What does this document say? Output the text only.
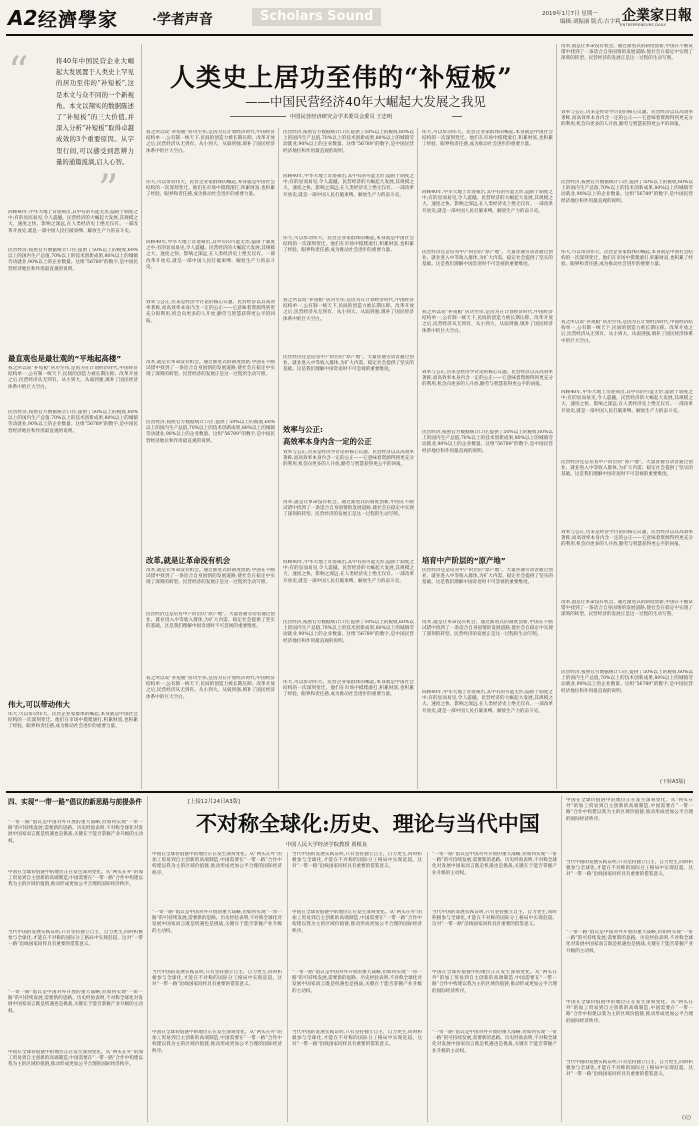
A2 经濟學家 ·学者声音	Scholars Sound	2019年1月7日 星期一
编辑:刘振丽 版式:吉宇莉 企業家日報
ENTREPRENEURS DAILY
“	将40年中国民营企业大崛起大发展置于人类史上罕见的居功至伟的“补短板”,这是本文与众不同的一个新视角。本文以翔实的数据陈述了“补短板”的三大价值,并深入分析“补短板”取得卓越成效的3个重要原因。从字里行间,可以感受到思辨力量的通篇流淌,启人心智。
”
人类史上居功至伟的“补短板”
——中国民营经济40年大崛起大发展之我见
中国民营经济研究会学术委员会委员 王忠明
回顾40年,中华大地上奇迹频出,其中有的可能无形,隐匿于制度之中;有的显而易见,令人震撼。民营经济的大崛起大发展,其规模之大、速度之快、影响之深远,在人类经济史上绝无仅有。一部改革开放史,就是一部中国人民打破束缚、解放生产力的奋斗史。
民营经济,按照官方数据统计口径,提供了50%以上的税收,60%以上的国内生产总值,70%以上的技术创新成果,80%以上的城镇劳动就业,90%以上的企业数量。这组“56789”的数字,是中国民营经济地位和作用最直观的说明。
最直观也是最壮观的“平地起高楼”
我之所以说“补短板”居功至伟,是因为在计划经济时代,中国经济结构单一,公有制一统天下,民间的创造力被长期压抑。改革开放之后,民营经济从无到有、从小到大、从弱到强,填补了国民经济体系中的巨大空白。
民营经济,按照官方数据统计口径,提供了50%以上的税收,60%以上的国内生产总值,70%以上的技术创新成果,80%以上的城镇劳动就业,90%以上的企业数量。这组“56789”的数字,是中国民营经济地位和作用最直观的说明。
伟大,可以带动伟大
伟大,可以带动伟大。民营企业家群体的崛起,本身就是中国社会结构的一次深刻变迁。他们在市场中摸爬滚打,积累财富,也积累了经验、眼界和责任感,成为推动社会进步的重要力量。
我之所以说“补短板”居功至伟,是因为在计划经济时代,中国经济结构单一,公有制一统天下,民间的创造力被长期压抑。改革开放之后,民营经济从无到有、从小到大、从弱到强,填补了国民经济体系中的巨大空白。
伟大,可以带动伟大。民营企业家群体的崛起,本身就是中国社会结构的一次深刻变迁。他们在市场中摸爬滚打,积累财富,也积累了经验、眼界和责任感,成为推动社会进步的重要力量。
回顾40年,中华大地上奇迹频出,其中有的可能无形,隐匿于制度之中;有的显而易见,令人震撼。民营经济的大崛起大发展,其规模之大、速度之快、影响之深远,在人类经济史上绝无仅有。一部改革开放史,就是一部中国人民打破束缚、解放生产力的奋斗史。
效率与公正,历来是经济学讨论的核心议题。民营经济以其高效率著称,而高效率本身内含一定的公正——它意味着资源得到更充分的利用,机会向更多的人开放,勤劳与智慧获得更公平的回报。
改革,就是让革命没有机会。通过渐进式的制度创新,中国在不断试错中找到了一条适合自身国情的发展道路,使社会在稳定中实现了深刻的转型。民营经济的发展正是这一过程的生动写照。
民营经济,按照官方数据统计口径,提供了50%以上的税收,60%以上的国内生产总值,70%以上的技术创新成果,80%以上的城镇劳动就业,90%以上的企业数量。这组“56789”的数字,是中国民营经济地位和作用最直观的说明。
改革,就是让革命没有机会
改革,就是让革命没有机会。通过渐进式的制度创新,中国在不断试错中找到了一条适合自身国情的发展道路,使社会在稳定中实现了深刻的转型。民营经济的发展正是这一过程的生动写照。
民营经济还是培育中产阶层的“原产地”。大量普通劳动者通过创业、就业进入中等收入群体,为扩大内需、稳定社会提供了坚实的基础。这是我们理解中国奇迹时不可忽视的重要维度。
我之所以说“补短板”居功至伟,是因为在计划经济时代,中国经济结构单一,公有制一统天下,民间的创造力被长期压抑。改革开放之后,民营经济从无到有、从小到大、从弱到强,填补了国民经济体系中的巨大空白。
民营经济,按照官方数据统计口径,提供了50%以上的税收,60%以上的国内生产总值,70%以上的技术创新成果,80%以上的城镇劳动就业,90%以上的企业数量。这组“56789”的数字,是中国民营经济地位和作用最直观的说明。
回顾40年,中华大地上奇迹频出,其中有的可能无形,隐匿于制度之中;有的显而易见,令人震撼。民营经济的大崛起大发展,其规模之大、速度之快、影响之深远,在人类经济史上绝无仅有。一部改革开放史,就是一部中国人民打破束缚、解放生产力的奋斗史。
伟大,可以带动伟大。民营企业家群体的崛起,本身就是中国社会结构的一次深刻变迁。他们在市场中摸爬滚打,积累财富,也积累了经验、眼界和责任感,成为推动社会进步的重要力量。
我之所以说“补短板”居功至伟,是因为在计划经济时代,中国经济结构单一,公有制一统天下,民间的创造力被长期压抑。改革开放之后,民营经济从无到有、从小到大、从弱到强,填补了国民经济体系中的巨大空白。
民营经济还是培育中产阶层的“原产地”。大量普通劳动者通过创业、就业进入中等收入群体,为扩大内需、稳定社会提供了坚实的基础。这是我们理解中国奇迹时不可忽视的重要维度。
效率与公正:
高效率本身内含一定的公正
效率与公正,历来是经济学讨论的核心议题。民营经济以其高效率著称,而高效率本身内含一定的公正——它意味着资源得到更充分的利用,机会向更多的人开放,勤劳与智慧获得更公平的回报。
改革,就是让革命没有机会。通过渐进式的制度创新,中国在不断试错中找到了一条适合自身国情的发展道路,使社会在稳定中实现了深刻的转型。民营经济的发展正是这一过程的生动写照。
回顾40年,中华大地上奇迹频出,其中有的可能无形,隐匿于制度之中;有的显而易见,令人震撼。民营经济的大崛起大发展,其规模之大、速度之快、影响之深远,在人类经济史上绝无仅有。一部改革开放史,就是一部中国人民打破束缚、解放生产力的奋斗史。
民营经济,按照官方数据统计口径,提供了50%以上的税收,60%以上的国内生产总值,70%以上的技术创新成果,80%以上的城镇劳动就业,90%以上的企业数量。这组“56789”的数字,是中国民营经济地位和作用最直观的说明。
伟大,可以带动伟大。民营企业家群体的崛起,本身就是中国社会结构的一次深刻变迁。他们在市场中摸爬滚打,积累财富,也积累了经验、眼界和责任感,成为推动社会进步的重要力量。
伟大,可以带动伟大。民营企业家群体的崛起,本身就是中国社会结构的一次深刻变迁。他们在市场中摸爬滚打,积累财富,也积累了经验、眼界和责任感,成为推动社会进步的重要力量。
回顾40年,中华大地上奇迹频出,其中有的可能无形,隐匿于制度之中;有的显而易见,令人震撼。民营经济的大崛起大发展,其规模之大、速度之快、影响之深远,在人类经济史上绝无仅有。一部改革开放史,就是一部中国人民打破束缚、解放生产力的奋斗史。
民营经济还是培育中产阶层的“原产地”。大量普通劳动者通过创业、就业进入中等收入群体,为扩大内需、稳定社会提供了坚实的基础。这是我们理解中国奇迹时不可忽视的重要维度。
我之所以说“补短板”居功至伟,是因为在计划经济时代,中国经济结构单一,公有制一统天下,民间的创造力被长期压抑。改革开放之后,民营经济从无到有、从小到大、从弱到强,填补了国民经济体系中的巨大空白。
效率与公正,历来是经济学讨论的核心议题。民营经济以其高效率著称,而高效率本身内含一定的公正——它意味着资源得到更充分的利用,机会向更多的人开放,勤劳与智慧获得更公平的回报。
民营经济,按照官方数据统计口径,提供了50%以上的税收,60%以上的国内生产总值,70%以上的技术创新成果,80%以上的城镇劳动就业,90%以上的企业数量。这组“56789”的数字,是中国民营经济地位和作用最直观的说明。
培育中产阶层的“原产地”
民营经济还是培育中产阶层的“原产地”。大量普通劳动者通过创业、就业进入中等收入群体,为扩大内需、稳定社会提供了坚实的基础。这是我们理解中国奇迹时不可忽视的重要维度。
改革,就是让革命没有机会。通过渐进式的制度创新,中国在不断试错中找到了一条适合自身国情的发展道路,使社会在稳定中实现了深刻的转型。民营经济的发展正是这一过程的生动写照。
回顾40年,中华大地上奇迹频出,其中有的可能无形,隐匿于制度之中;有的显而易见,令人震撼。民营经济的大崛起大发展,其规模之大、速度之快、影响之深远,在人类经济史上绝无仅有。一部改革开放史,就是一部中国人民打破束缚、解放生产力的奋斗史。
改革,就是让革命没有机会。通过渐进式的制度创新,中国在不断试错中找到了一条适合自身国情的发展道路,使社会在稳定中实现了深刻的转型。民营经济的发展正是这一过程的生动写照。
效率与公正,历来是经济学讨论的核心议题。民营经济以其高效率著称,而高效率本身内含一定的公正——它意味着资源得到更充分的利用,机会向更多的人开放,勤劳与智慧获得更公平的回报。
民营经济,按照官方数据统计口径,提供了50%以上的税收,60%以上的国内生产总值,70%以上的技术创新成果,80%以上的城镇劳动就业,90%以上的企业数量。这组“56789”的数字,是中国民营经济地位和作用最直观的说明。
伟大,可以带动伟大。民营企业家群体的崛起,本身就是中国社会结构的一次深刻变迁。他们在市场中摸爬滚打,积累财富,也积累了经验、眼界和责任感,成为推动社会进步的重要力量。
我之所以说“补短板”居功至伟,是因为在计划经济时代,中国经济结构单一,公有制一统天下,民间的创造力被长期压抑。改革开放之后,民营经济从无到有、从小到大、从弱到强,填补了国民经济体系中的巨大空白。
回顾40年,中华大地上奇迹频出,其中有的可能无形,隐匿于制度之中;有的显而易见,令人震撼。民营经济的大崛起大发展,其规模之大、速度之快、影响之深远,在人类经济史上绝无仅有。一部改革开放史,就是一部中国人民打破束缚、解放生产力的奋斗史。
民营经济还是培育中产阶层的“原产地”。大量普通劳动者通过创业、就业进入中等收入群体,为扩大内需、稳定社会提供了坚实的基础。这是我们理解中国奇迹时不可忽视的重要维度。
效率与公正,历来是经济学讨论的核心议题。民营经济以其高效率著称,而高效率本身内含一定的公正——它意味着资源得到更充分的利用,机会向更多的人开放,勤劳与智慧获得更公平的回报。
改革,就是让革命没有机会。通过渐进式的制度创新,中国在不断试错中找到了一条适合自身国情的发展道路,使社会在稳定中实现了深刻的转型。民营经济的发展正是这一过程的生动写照。
民营经济,按照官方数据统计口径,提供了50%以上的税收,60%以上的国内生产总值,70%以上的技术创新成果,80%以上的城镇劳动就业,90%以上的企业数量。这组“56789”的数字,是中国民营经济地位和作用最直观的说明。
(下转A3版)
四、实现“一带一路”倡议的新思路与前提条件
“一带一路”倡议是中国对外开放的重大战略,但如何实现“一带一路”的可持续发展,需要新的思路。历史经验表明,不对称全球化对发展中国家而言既是机遇也是挑战,关键在于能否掌握产业升级的主动权。
中国在全球价值链中的地位正在发生深刻变化。从“两头在外”的加工贸易到自主创新的高端制造,中国需要在“一带一路”合作中构建以我为主的区域价值链,推动形成更加公平合理的国际经济秩序。
当代中国的发展实践证明,只有坚持独立自主、自力更生,同时积极参与全球化,才能在不对称的国际分工格局中实现赶超。这对“一带一路”沿线国家同样具有重要的借鉴意义。
“一带一路”倡议是中国对外开放的重大战略,但如何实现“一带一路”的可持续发展,需要新的思路。历史经验表明,不对称全球化对发展中国家而言既是机遇也是挑战,关键在于能否掌握产业升级的主动权。
中国在全球价值链中的地位正在发生深刻变化。从“两头在外”的加工贸易到自主创新的高端制造,中国需要在“一带一路”合作中构建以我为主的区域价值链,推动形成更加公平合理的国际经济秩序。
[上接12月24日A3版]
不对称全球化:历史、理论与当代中国
中国人民大学经济学院教授 贾根良
中国在全球价值链中的地位正在发生深刻变化。从“两头在外”的加工贸易到自主创新的高端制造,中国需要在“一带一路”合作中构建以我为主的区域价值链,推动形成更加公平合理的国际经济秩序。
“一带一路”倡议是中国对外开放的重大战略,但如何实现“一带一路”的可持续发展,需要新的思路。历史经验表明,不对称全球化对发展中国家而言既是机遇也是挑战,关键在于能否掌握产业升级的主动权。
当代中国的发展实践证明,只有坚持独立自主、自力更生,同时积极参与全球化,才能在不对称的国际分工格局中实现赶超。这对“一带一路”沿线国家同样具有重要的借鉴意义。
中国在全球价值链中的地位正在发生深刻变化。从“两头在外”的加工贸易到自主创新的高端制造,中国需要在“一带一路”合作中构建以我为主的区域价值链,推动形成更加公平合理的国际经济秩序。
当代中国的发展实践证明,只有坚持独立自主、自力更生,同时积极参与全球化,才能在不对称的国际分工格局中实现赶超。这对“一带一路”沿线国家同样具有重要的借鉴意义。
中国在全球价值链中的地位正在发生深刻变化。从“两头在外”的加工贸易到自主创新的高端制造,中国需要在“一带一路”合作中构建以我为主的区域价值链,推动形成更加公平合理的国际经济秩序。
“一带一路”倡议是中国对外开放的重大战略,但如何实现“一带一路”的可持续发展,需要新的思路。历史经验表明,不对称全球化对发展中国家而言既是机遇也是挑战,关键在于能否掌握产业升级的主动权。
当代中国的发展实践证明,只有坚持独立自主、自力更生,同时积极参与全球化,才能在不对称的国际分工格局中实现赶超。这对“一带一路”沿线国家同样具有重要的借鉴意义。
“一带一路”倡议是中国对外开放的重大战略,但如何实现“一带一路”的可持续发展,需要新的思路。历史经验表明,不对称全球化对发展中国家而言既是机遇也是挑战,关键在于能否掌握产业升级的主动权。
当代中国的发展实践证明,只有坚持独立自主、自力更生,同时积极参与全球化,才能在不对称的国际分工格局中实现赶超。这对“一带一路”沿线国家同样具有重要的借鉴意义。
中国在全球价值链中的地位正在发生深刻变化。从“两头在外”的加工贸易到自主创新的高端制造,中国需要在“一带一路”合作中构建以我为主的区域价值链,推动形成更加公平合理的国际经济秩序。
“一带一路”倡议是中国对外开放的重大战略,但如何实现“一带一路”的可持续发展,需要新的思路。历史经验表明,不对称全球化对发展中国家而言既是机遇也是挑战,关键在于能否掌握产业升级的主动权。
中国在全球价值链中的地位正在发生深刻变化。从“两头在外”的加工贸易到自主创新的高端制造,中国需要在“一带一路”合作中构建以我为主的区域价值链,推动形成更加公平合理的国际经济秩序。
当代中国的发展实践证明,只有坚持独立自主、自力更生,同时积极参与全球化,才能在不对称的国际分工格局中实现赶超。这对“一带一路”沿线国家同样具有重要的借鉴意义。
“一带一路”倡议是中国对外开放的重大战略,但如何实现“一带一路”的可持续发展,需要新的思路。历史经验表明,不对称全球化对发展中国家而言既是机遇也是挑战,关键在于能否掌握产业升级的主动权。
中国在全球价值链中的地位正在发生深刻变化。从“两头在外”的加工贸易到自主创新的高端制造,中国需要在“一带一路”合作中构建以我为主的区域价值链,推动形成更加公平合理的国际经济秩序。
当代中国的发展实践证明,只有坚持独立自主、自力更生,同时积极参与全球化,才能在不对称的国际分工格局中实现赶超。这对“一带一路”沿线国家同样具有重要的借鉴意义。
(完)
